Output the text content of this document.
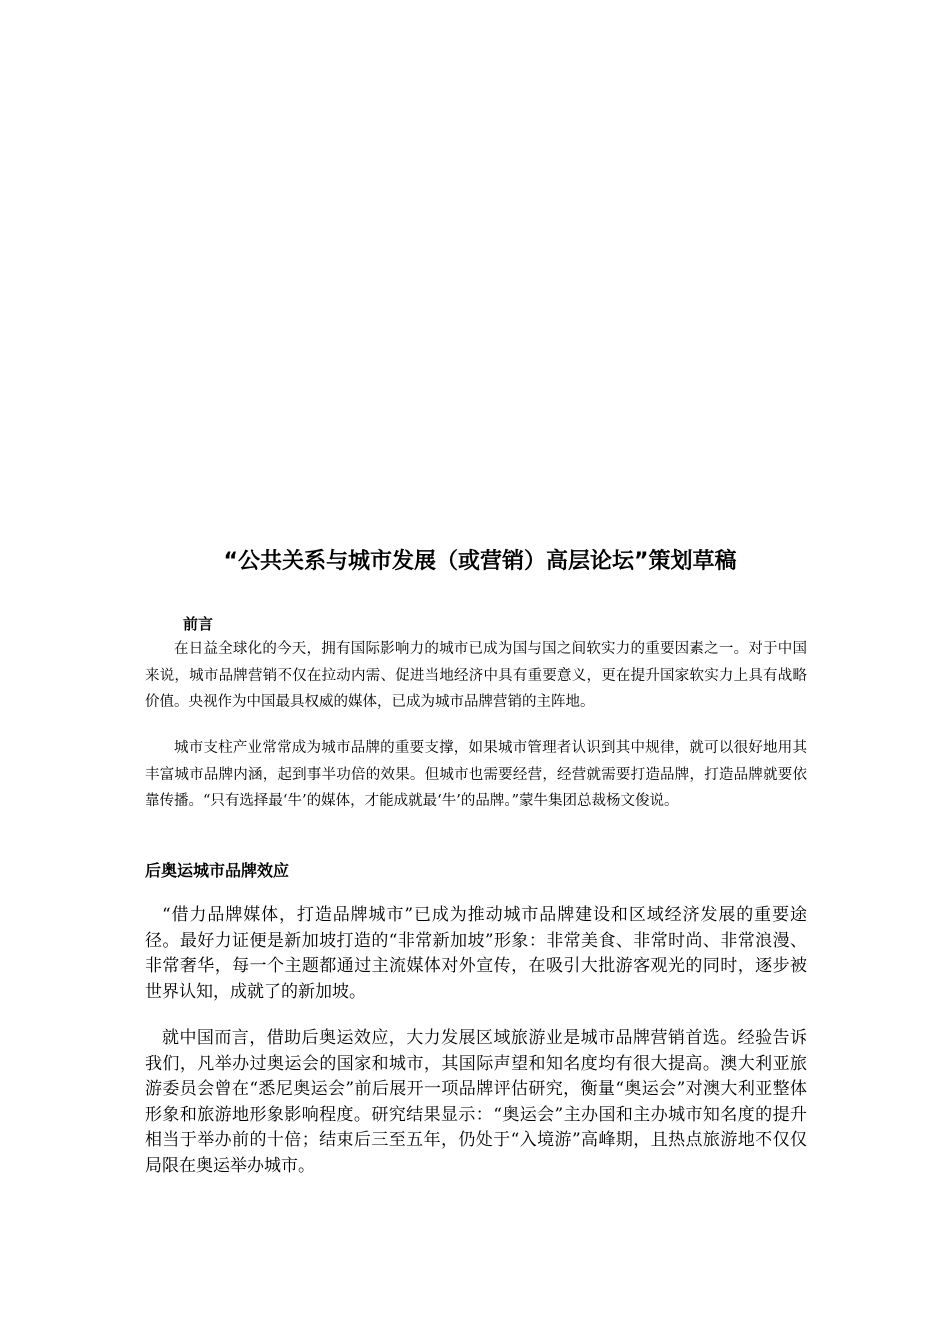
“公共关系与城市发展（或营销）高层论坛”策划草稿
前言

在日益全球化的今天，拥有国际影响力的城市已成为国与国之间软实力的重要因素之一。对于中国来说，城市品牌营销不仅在拉动内需、促进当地经济中具有重要意义，更在提升国家软实力上具有战略价值。央视作为中国最具权威的媒体，已成为城市品牌营销的主阵地。

城市支柱产业常常成为城市品牌的重要支撑，如果城市管理者认识到其中规律，就可以很好地用其丰富城市品牌内涵，起到事半功倍的效果。但城市也需要经营，经营就需要打造品牌，打造品牌就要依靠传播。“只有选择最‘牛’的媒体，才能成就最‘牛’的品牌。”蒙牛集团总裁杨文俊说。

后奥运城市品牌效应

“借力品牌媒体，打造品牌城市”已成为推动城市品牌建设和区域经济发展的重要途径。最好力证便是新加坡打造的“非常新加坡”形象：非常美食、非常时尚、非常浪漫、非常奢华，每一个主题都通过主流媒体对外宣传，在吸引大批游客观光的同时，逐步被世界认知，成就了的新加坡。

就中国而言，借助后奥运效应，大力发展区域旅游业是城市品牌营销首选。经验告诉我们，凡举办过奥运会的国家和城市，其国际声望和知名度均有很大提高。澳大利亚旅游委员会曾在“悉尼奥运会”前后展开一项品牌评估研究，衡量“奥运会”对澳大利亚整体形象和旅游地形象影响程度。研究结果显示：“奥运会”主办国和主办城市知名度的提升相当于举办前的十倍；结束后三至五年，仍处于“入境游”高峰期，且热点旅游地不仅仅局限在奥运举办城市。
